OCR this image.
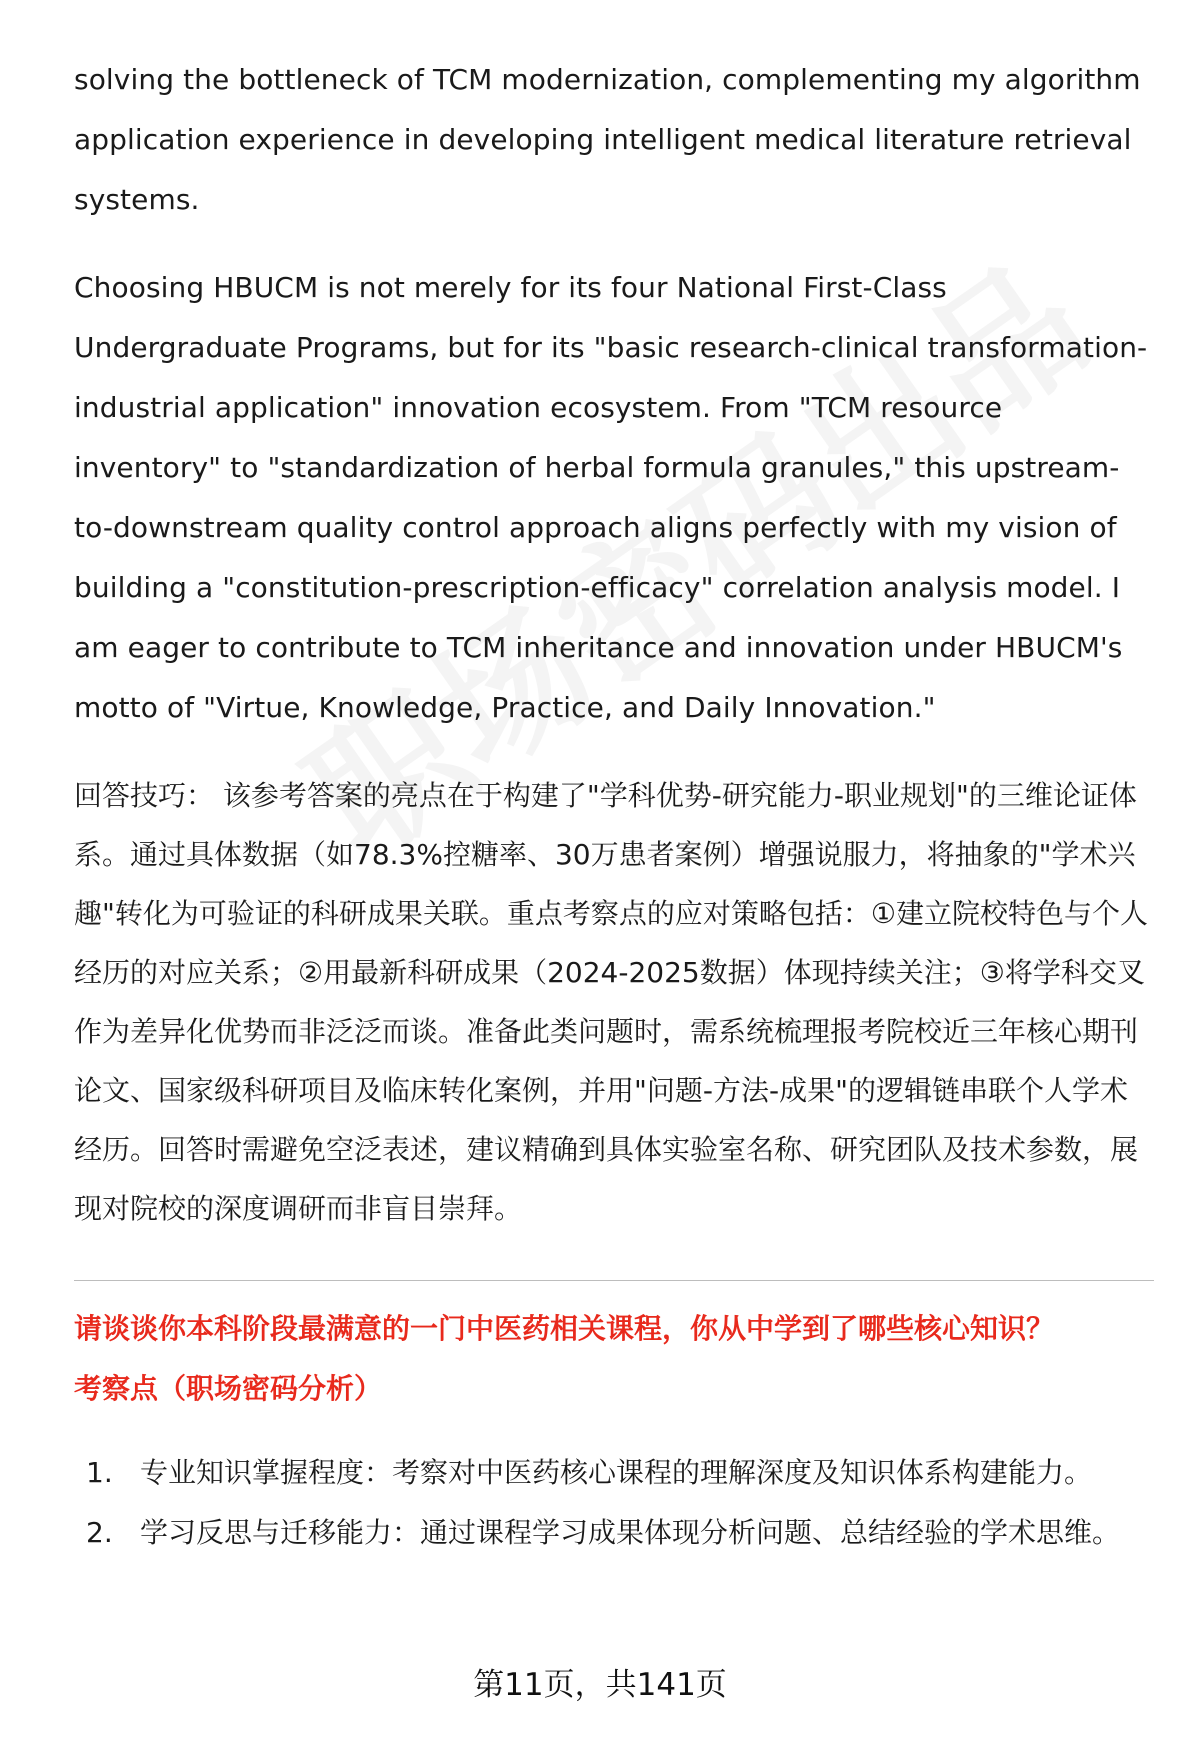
solving the bottleneck of TCM modernization, complementing my algorithm application experience in developing intelligent medical literature retrieval systems.

Choosing HBUCM is not merely for its four National First-Class Undergraduate Programs, but for its "basic research-clinical transformation-industrial application" innovation ecosystem. From "TCM resource inventory" to "standardization of herbal formula granules," this upstream-to-downstream quality control approach aligns perfectly with my vision of building a "constitution-prescription-efficacy" correlation analysis model. I am eager to contribute to TCM inheritance and innovation under HBUCM's motto of "Virtue, Knowledge, Practice, and Daily Innovation."

回答技巧： 该参考答案的亮点在于构建了"学科优势-研究能力-职业规划"的三维论证体系。通过具体数据（如78.3%控糖率、30万患者案例）增强说服力，将抽象的"学术兴趣"转化为可验证的科研成果关联。重点考察点的应对策略包括：①建立院校特色与个人经历的对应关系；②用最新科研成果（2024-2025数据）体现持续关注；③将学科交叉作为差异化优势而非泛泛而谈。准备此类问题时，需系统梳理报考院校近三年核心期刊论文、国家级科研项目及临床转化案例，并用"问题-方法-成果"的逻辑链串联个人学术经历。回答时需避免空泛表述，建议精确到具体实验室名称、研究团队及技术参数，展现对院校的深度调研而非盲目崇拜。

请谈谈你本科阶段最满意的一门中医药相关课程，你从中学到了哪些核心知识？

考察点（职场密码分析）

1. 专业知识掌握程度：考察对中医药核心课程的理解深度及知识体系构建能力。
2. 学习反思与迁移能力：通过课程学习成果体现分析问题、总结经验的学术思维。
第11页，共141页
